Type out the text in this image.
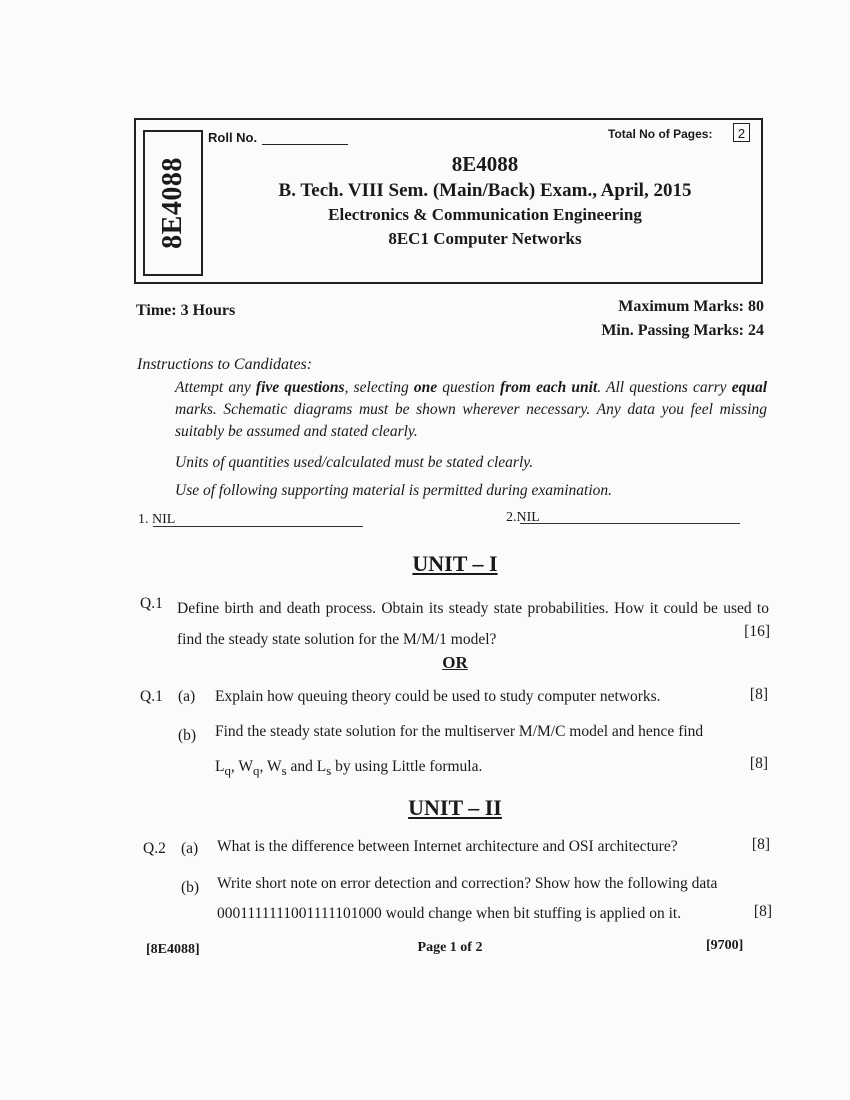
8E4088
Roll No.	Total No of Pages:	2
8E4088
B. Tech. VIII Sem. (Main/Back) Exam., April, 2015
Electronics & Communication Engineering
8EC1 Computer Networks
Time: 3 Hours	Maximum Marks: 80
Min. Passing Marks: 24
Instructions to Candidates:
Attempt any five questions, selecting one question from each unit. All questions carry equal marks. Schematic diagrams must be shown wherever necessary. Any data you feel missing suitably be assumed and stated clearly.
Units of quantities used/calculated must be stated clearly.
Use of following supporting material is permitted during examination.
1. NIL	2.NIL
UNIT – I
Q.1 Define birth and death process. Obtain its steady state probabilities. How it could be used to find the steady state solution for the M/M/1 model?	[16]
OR
Q.1 (a) Explain how queuing theory could be used to study computer networks.	[8]
(b) Find the steady state solution for the multiserver M/M/C model and hence find
$L_q$, $W_q$, $W_s$ and $L_s$ by using Little formula.	[8]
UNIT – II
Q.2 (a) What is the difference between Internet architecture and OSI architecture?	[8]
(b) Write short note on error detection and correction? Show how the following data
0001111111001111101000 would change when bit stuffing is applied on it.	[8]
[8E4088]	Page 1 of 2	[9700]
